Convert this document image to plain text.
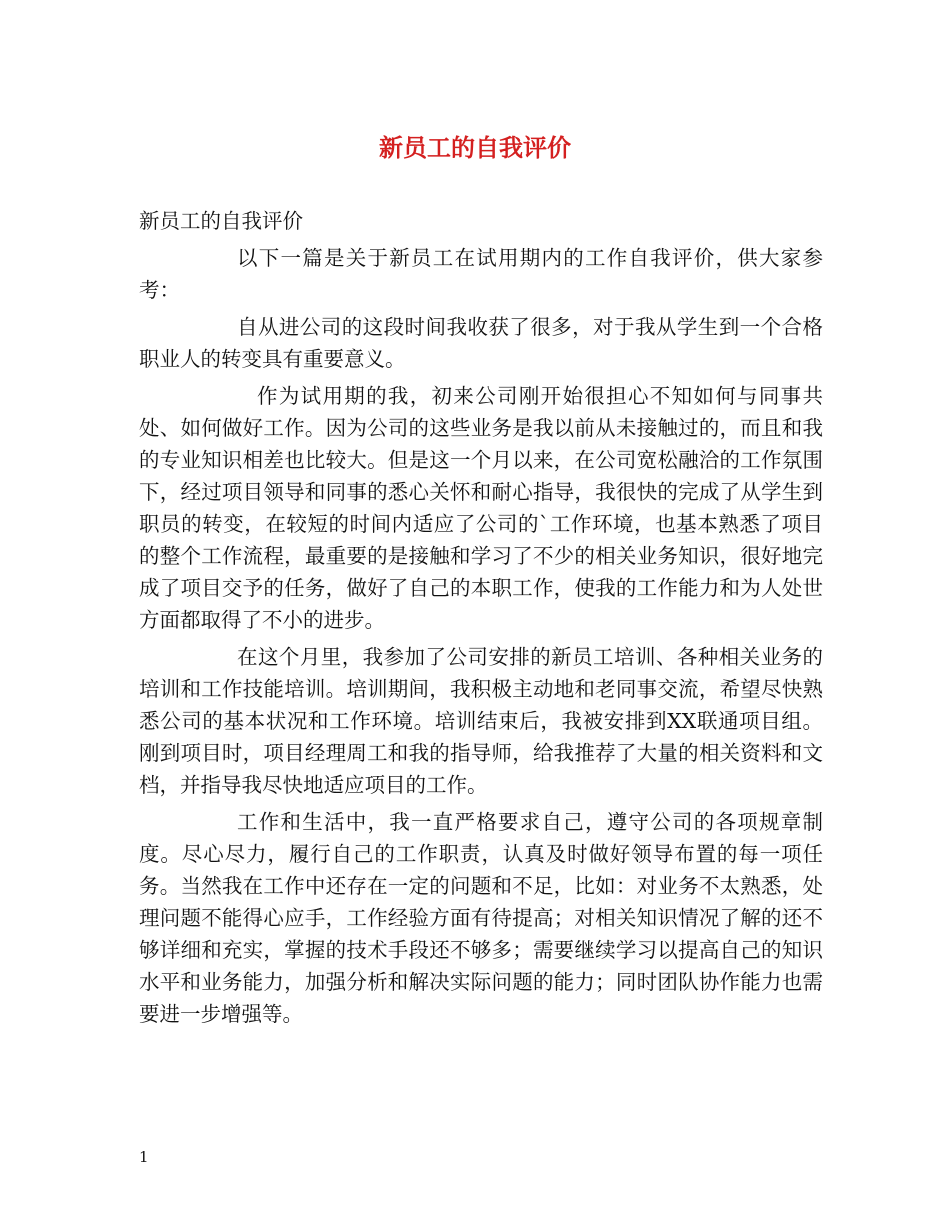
新员工的自我评价

新员工的自我评价

以下一篇是关于新员工在试用期内的工作自我评价，供大家参考：

自从进公司的这段时间我收获了很多，对于我从学生到一个合格职业人的转变具有重要意义。

作为试用期的我，初来公司刚开始很担心不知如何与同事共处、如何做好工作。因为公司的这些业务是我以前从未接触过的，而且和我的专业知识相差也比较大。但是这一个月以来，在公司宽松融洽的工作氛围下，经过项目领导和同事的悉心关怀和耐心指导，我很快的完成了从学生到职员的转变，在较短的时间内适应了公司的`工作环境，也基本熟悉了项目的整个工作流程，最重要的是接触和学习了不少的相关业务知识，很好地完成了项目交予的任务，做好了自己的本职工作，使我的工作能力和为人处世方面都取得了不小的进步。

在这个月里，我参加了公司安排的新员工培训、各种相关业务的培训和工作技能培训。培训期间，我积极主动地和老同事交流，希望尽快熟悉公司的基本状况和工作环境。培训结束后，我被安排到XX联通项目组。刚到项目时，项目经理周工和我的指导师，给我推荐了大量的相关资料和文档，并指导我尽快地适应项目的工作。

工作和生活中，我一直严格要求自己，遵守公司的各项规章制度。尽心尽力，履行自己的工作职责，认真及时做好领导布置的每一项任务。当然我在工作中还存在一定的问题和不足，比如：对业务不太熟悉，处理问题不能得心应手，工作经验方面有待提高；对相关知识情况了解的还不够详细和充实，掌握的技术手段还不够多；需要继续学习以提高自己的知识水平和业务能力，加强分析和解决实际问题的能力；同时团队协作能力也需要进一步增强等。

1
